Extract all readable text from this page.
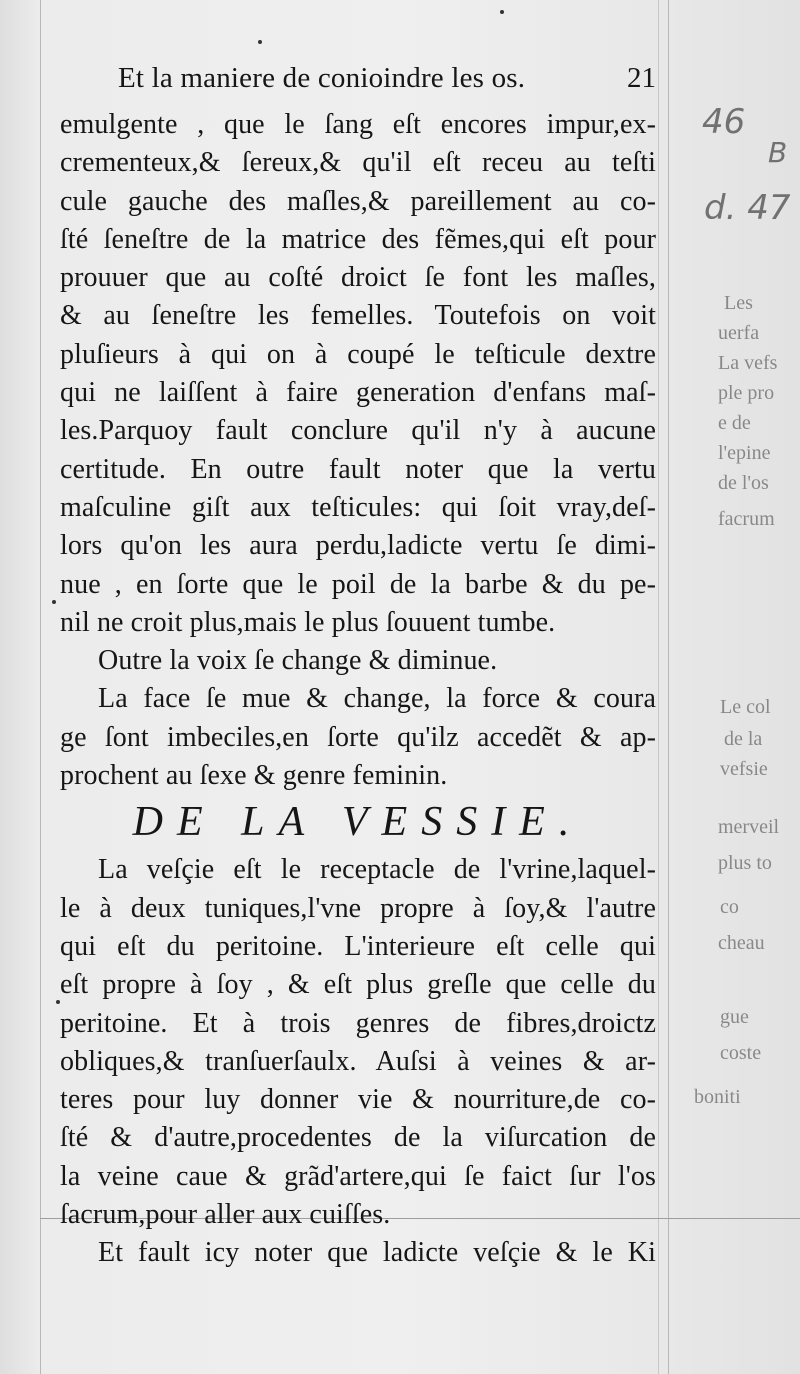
Et la maniere de conioindre les os.	21
emulgente , que le ſang eſt encores impur,ex-
crementeux,& ſereux,& qu'il eſt receu au teſti
cule gauche des maſles,& pareillement au co-
ſté ſeneſtre de la matrice des fẽmes,qui eſt pour
prouuer que au coſté droict ſe font les maſles,
& au ſeneſtre les femelles. Toutefois on voit
pluſieurs à qui on à coupé le teſticule dextre
qui ne laiſſent à faire generation d'enfans maſ-
les.Parquoy fault conclure qu'il n'y à aucune
certitude. En outre fault noter que la vertu
maſculine giſt aux teſticules: qui ſoit vray,deſ-
lors qu'on les aura perdu,ladicte vertu ſe dimi-
nue , en ſorte que le poil de la barbe & du pe-
nil ne croit plus,mais le plus ſouuent tumbe.
Outre la voix ſe change & diminue.
La face ſe mue & change, la force & coura
ge ſont imbeciles,en ſorte qu'ilz accedẽt & ap-
prochent au ſexe & genre feminin.
DE LA VESSIE.
La veſçie eſt le receptacle de l'vrine,laquel-
le à deux tuniques,l'vne propre à ſoy,& l'autre
qui eſt du peritoine. L'interieure eſt celle qui
eſt propre à ſoy , & eſt plus greſle que celle du
peritoine. Et à trois genres de fibres,droictz
obliques,& tranſuerſaulx. Auſsi à veines & ar-
teres pour luy donner vie & nourriture,de co-
ſté & d'autre,procedentes de la viſurcation de
la veine caue & grãd'artere,qui ſe faict ſur l'os
ſacrum,pour aller aux cuiſſes.
Et fault icy noter que ladicte veſçie & le Ki
46
B
d. 47
Les
uerfa
La vefs
ple pro
e de
l'epine
de l'os
facrum
Le col
de la
vefsie
merveil
plus to
co
cheau
gue
coste
boniti
